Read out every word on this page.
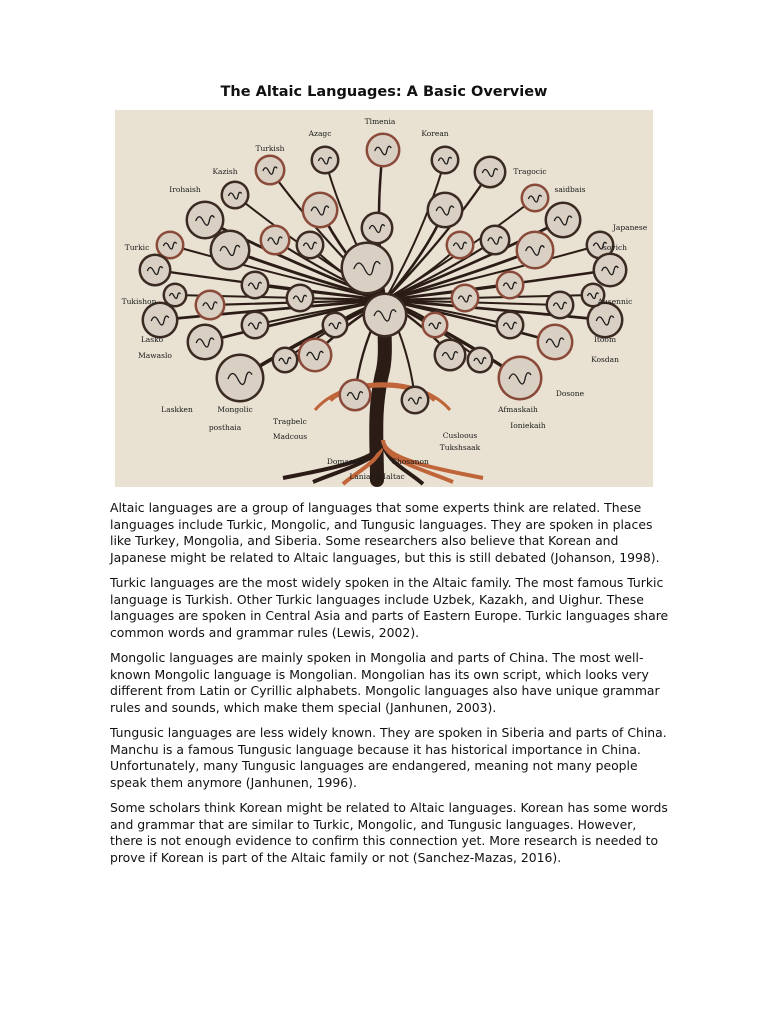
The Altaic Languages: A Basic Overview
Tlmenia
Azagc	Korean
Turkish
Kazish
Irohaish
Turkic
Tukishon
Lasko
Mawaslo
Laskken	Mongolic
posthaia
Tragbelc
Madcous
Tragocic
saidbais
Japanese
soyich
Ausennic
Itoom
Kosdan
Afmaskaih
Dosone
Ioniekaih
Cusloous
Tukshsaak
Domaaun	Chosanon
Laniaith Ialtac

Altaic languages are a group of languages that some experts think are related. These languages include Turkic, Mongolic, and Tungusic languages. They are spoken in places like Turkey, Mongolia, and Siberia. Some researchers also believe that Korean and Japanese might be related to Altaic languages, but this is still debated (Johanson, 1998).

Turkic languages are the most widely spoken in the Altaic family. The most famous Turkic language is Turkish. Other Turkic languages include Uzbek, Kazakh, and Uighur. These languages are spoken in Central Asia and parts of Eastern Europe. Turkic languages share common words and grammar rules (Lewis, 2002).

Mongolic languages are mainly spoken in Mongolia and parts of China. The most well-known Mongolic language is Mongolian. Mongolian has its own script, which looks very different from Latin or Cyrillic alphabets. Mongolic languages also have unique grammar rules and sounds, which make them special (Janhunen, 2003).

Tungusic languages are less widely known. They are spoken in Siberia and parts of China. Manchu is a famous Tungusic language because it has historical importance in China. Unfortunately, many Tungusic languages are endangered, meaning not many people speak them anymore (Janhunen, 1996).

Some scholars think Korean might be related to Altaic languages. Korean has some words and grammar that are similar to Turkic, Mongolic, and Tungusic languages. However, there is not enough evidence to confirm this connection yet. More research is needed to prove if Korean is part of the Altaic family or not (Sanchez-Mazas, 2016).
